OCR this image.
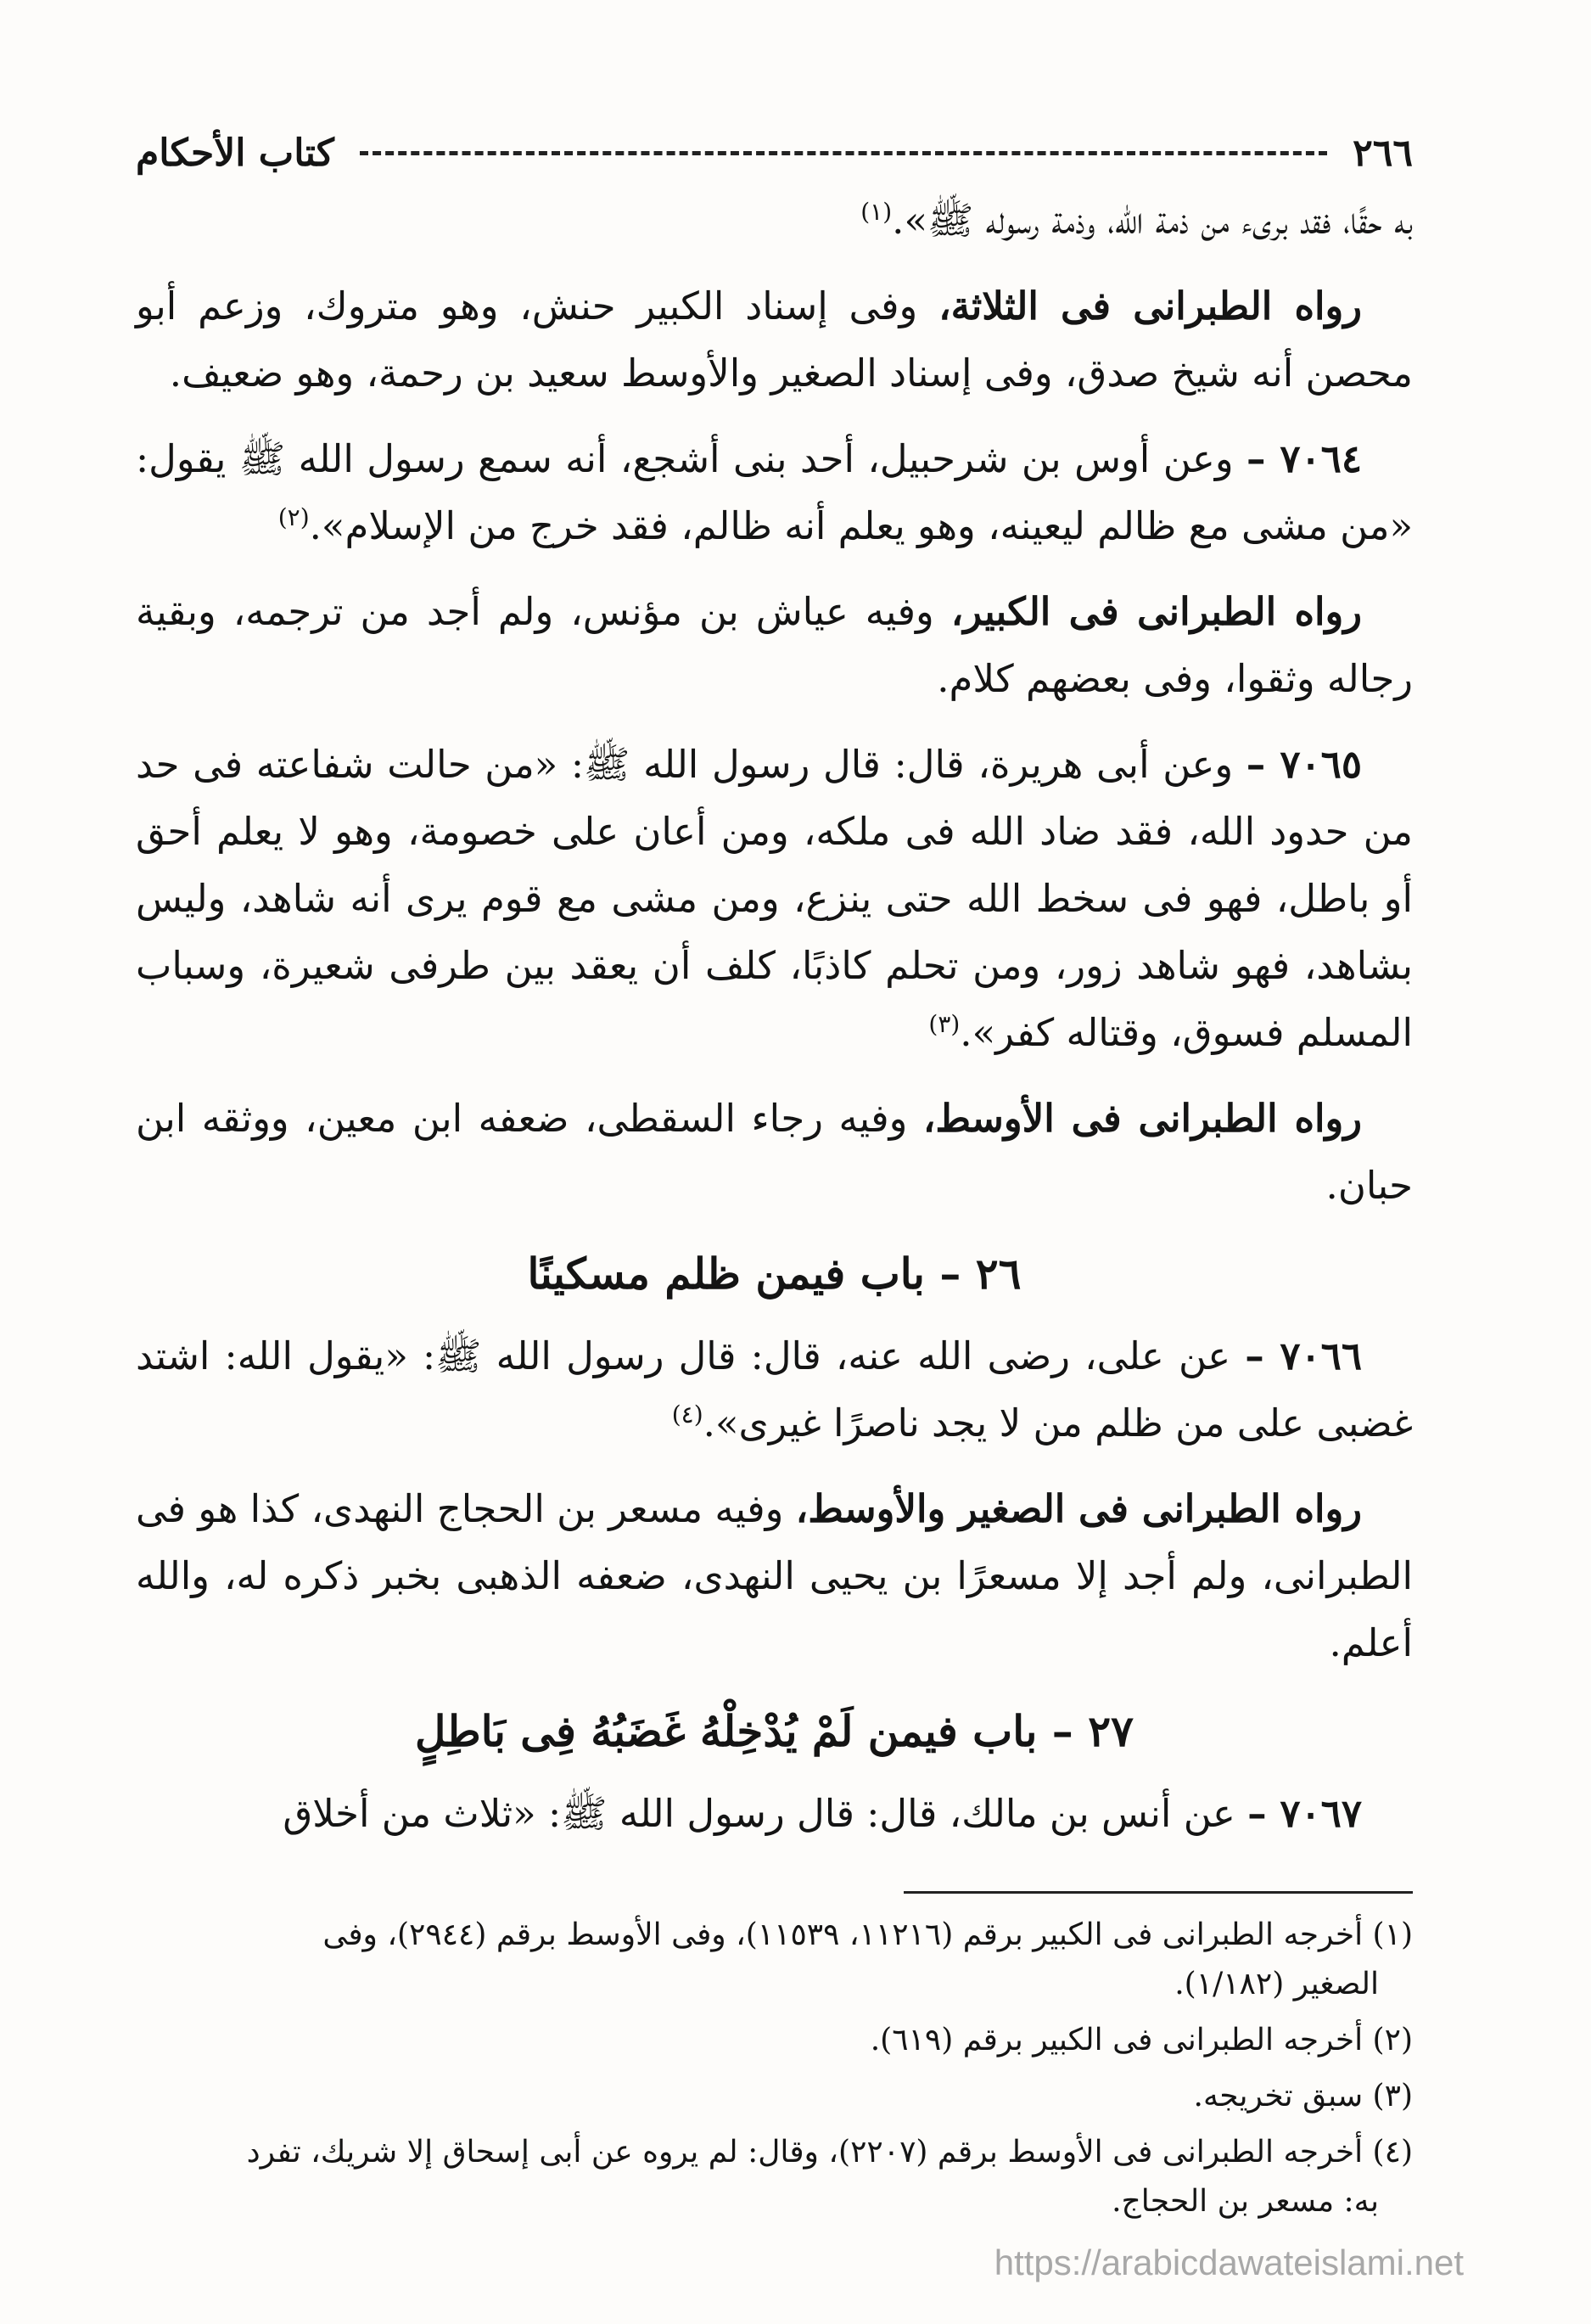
٢٦٦
كتاب الأحكام

به حقًا، فقد برىء من ذمة الله، وذمة رسوله ﷺ».$^{(١)}$

رواه الطبرانى فى الثلاثة، وفى إسناد الكبير حنش، وهو متروك، وزعم أبو محصن أنه شيخ صدق، وفى إسناد الصغير والأوسط سعيد بن رحمة، وهو ضعيف.

٧٠٦٤ – وعن أوس بن شرحبيل، أحد بنى أشجع، أنه سمع رسول الله ﷺ يقول: «من مشى مع ظالم ليعينه، وهو يعلم أنه ظالم، فقد خرج من الإسلام».$^{(٢)}$

رواه الطبرانى فى الكبير، وفيه عياش بن مؤنس، ولم أجد من ترجمه، وبقية رجاله وثقوا، وفى بعضهم كلام.

٧٠٦٥ – وعن أبى هريرة، قال: قال رسول الله ﷺ: «من حالت شفاعته فى حد من حدود الله، فقد ضاد الله فى ملكه، ومن أعان على خصومة، وهو لا يعلم أحق أو باطل، فهو فى سخط الله حتى ينزع، ومن مشى مع قوم يرى أنه شاهد، وليس بشاهد، فهو شاهد زور، ومن تحلم كاذبًا، كلف أن يعقد بين طرفى شعيرة، وسباب المسلم فسوق، وقتاله كفر».$^{(٣)}$

رواه الطبرانى فى الأوسط، وفيه رجاء السقطى، ضعفه ابن معين، ووثقه ابن حبان.

٢٦ – باب فيمن ظلم مسكينًا

٧٠٦٦ – عن على، رضى الله عنه، قال: قال رسول الله ﷺ: «يقول الله: اشتد غضبى على من ظلم من لا يجد ناصرًا غيرى».$^{(٤)}$

رواه الطبرانى فى الصغير والأوسط، وفيه مسعر بن الحجاج النهدى، كذا هو فى الطبرانى، ولم أجد إلا مسعرًا بن يحيى النهدى، ضعفه الذهبى بخبر ذكره له، والله أعلم.

٢٧ – باب فيمن لَمْ يُدْخِلْهُ غَضَبُهُ فِى بَاطِلٍ

٧٠٦٧ – عن أنس بن مالك، قال: قال رسول الله ﷺ: «ثلاث من أخلاق

(١) أخرجه الطبرانى فى الكبير برقم (١١٢١٦، ١١٥٣٩)، وفى الأوسط برقم (٢٩٤٤)، وفى
الصغير (١/١٨٢).

(٢) أخرجه الطبرانى فى الكبير برقم (٦١٩).

(٣) سبق تخريجه.

(٤) أخرجه الطبرانى فى الأوسط برقم (٢٢٠٧)، وقال: لم يروه عن أبى إسحاق إلا شريك، تفرد
به: مسعر بن الحجاج.

https://arabicdawateislami.net
